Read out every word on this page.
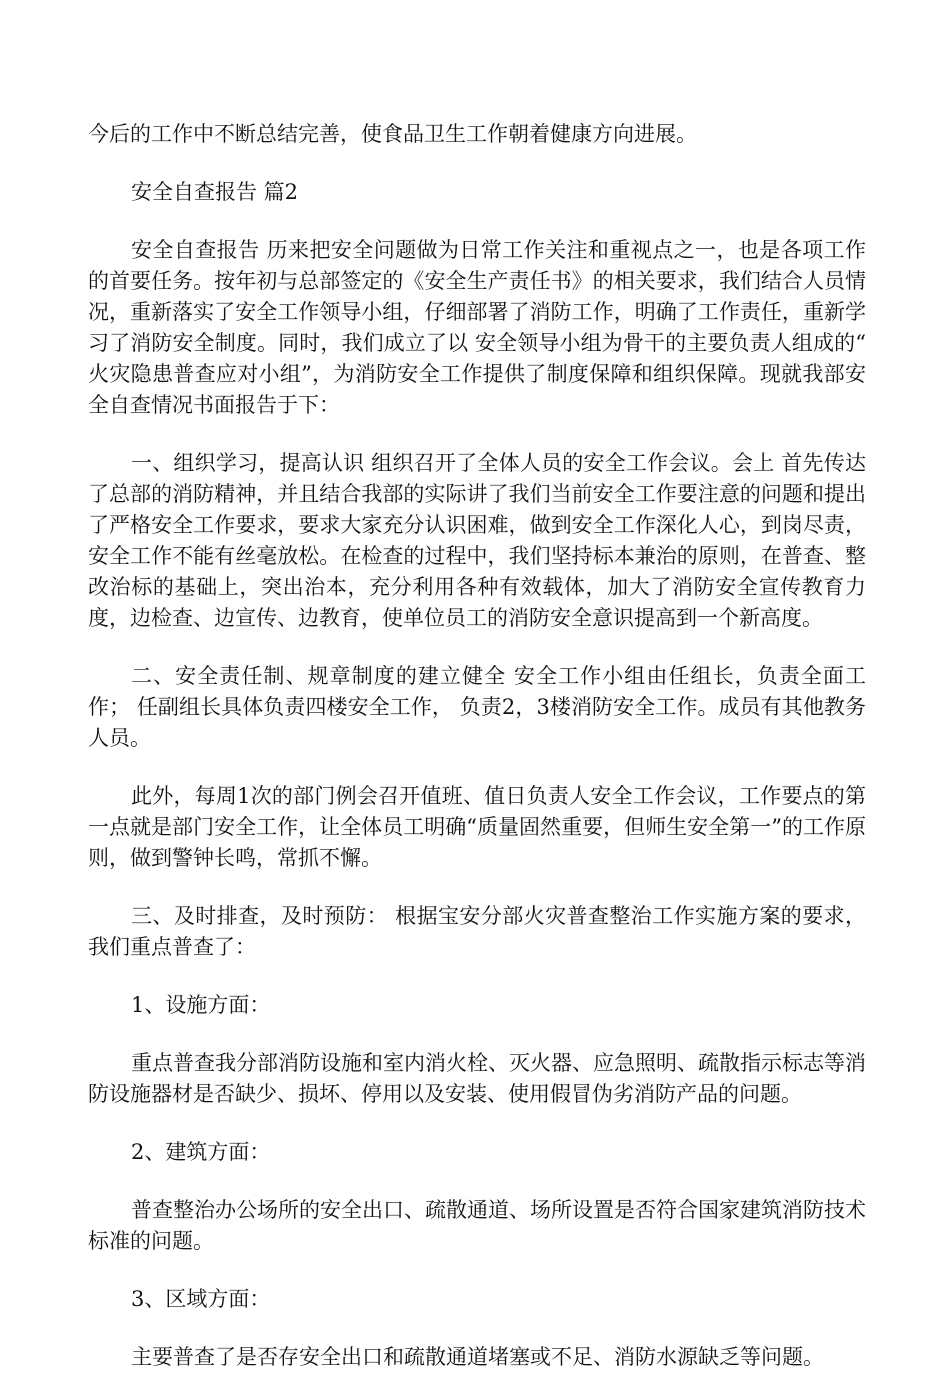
今后的工作中不断总结完善，使食品卫生工作朝着健康方向进展。

安全自查报告 篇2

安全自查报告 历来把安全问题做为日常工作关注和重视点之一，也是各项工作的首要任务。按年初与总部签定的《安全生产责任书》的相关要求，我们结合人员情况，重新落实了安全工作领导小组，仔细部署了消防工作，明确了工作责任，重新学习了消防安全制度。同时，我们成立了以 安全领导小组为骨干的主要负责人组成的“ 火灾隐患普查应对小组”，为消防安全工作提供了制度保障和组织保障。现就我部安全自查情况书面报告于下：

一、组织学习，提高认识 组织召开了全体人员的安全工作会议。会上 首先传达了总部的消防精神，并且结合我部的实际讲了我们当前安全工作要注意的问题和提出了严格安全工作要求，要求大家充分认识困难，做到安全工作深化人心，到岗尽责，安全工作不能有丝毫放松。在检查的过程中，我们坚持标本兼治的原则，在普查、整 改治标的基础上，突出治本，充分利用各种有效载体，加大了消防安全宣传教育力度，边检查、边宣传、边教育，使单位员工的消防安全意识提高到一个新高度。

二、安全责任制、规章制度的建立健全 安全工作小组由任组长，负责全面工作； 任副组长具体负责四楼安全工作， 负责2，3楼消防安全工作。成员有其他教务人员。

此外，每周1次的部门例会召开值班、值日负责人安全工作会议，工作要点的第一点就是部门安全工作，让全体员工明确“质量固然重要，但师生安全第一”的工作原则，做到警钟长鸣，常抓不懈。

三、及时排查，及时预防： 根据宝安分部火灾普查整治工作实施方案的要求，我们重点普查了：

1、设施方面：

重点普查我分部消防设施和室内消火栓、灭火器、应急照明、疏散指示标志等消防设施器材是否缺少、损坏、停用以及安装、使用假冒伪劣消防产品的问题。

2、建筑方面：

普查整治办公场所的安全出口、疏散通道、场所设置是否符合国家建筑消防技术标准的问题。

3、区域方面：

主要普查了是否存安全出口和疏散通道堵塞或不足、消防水源缺乏等问题。
